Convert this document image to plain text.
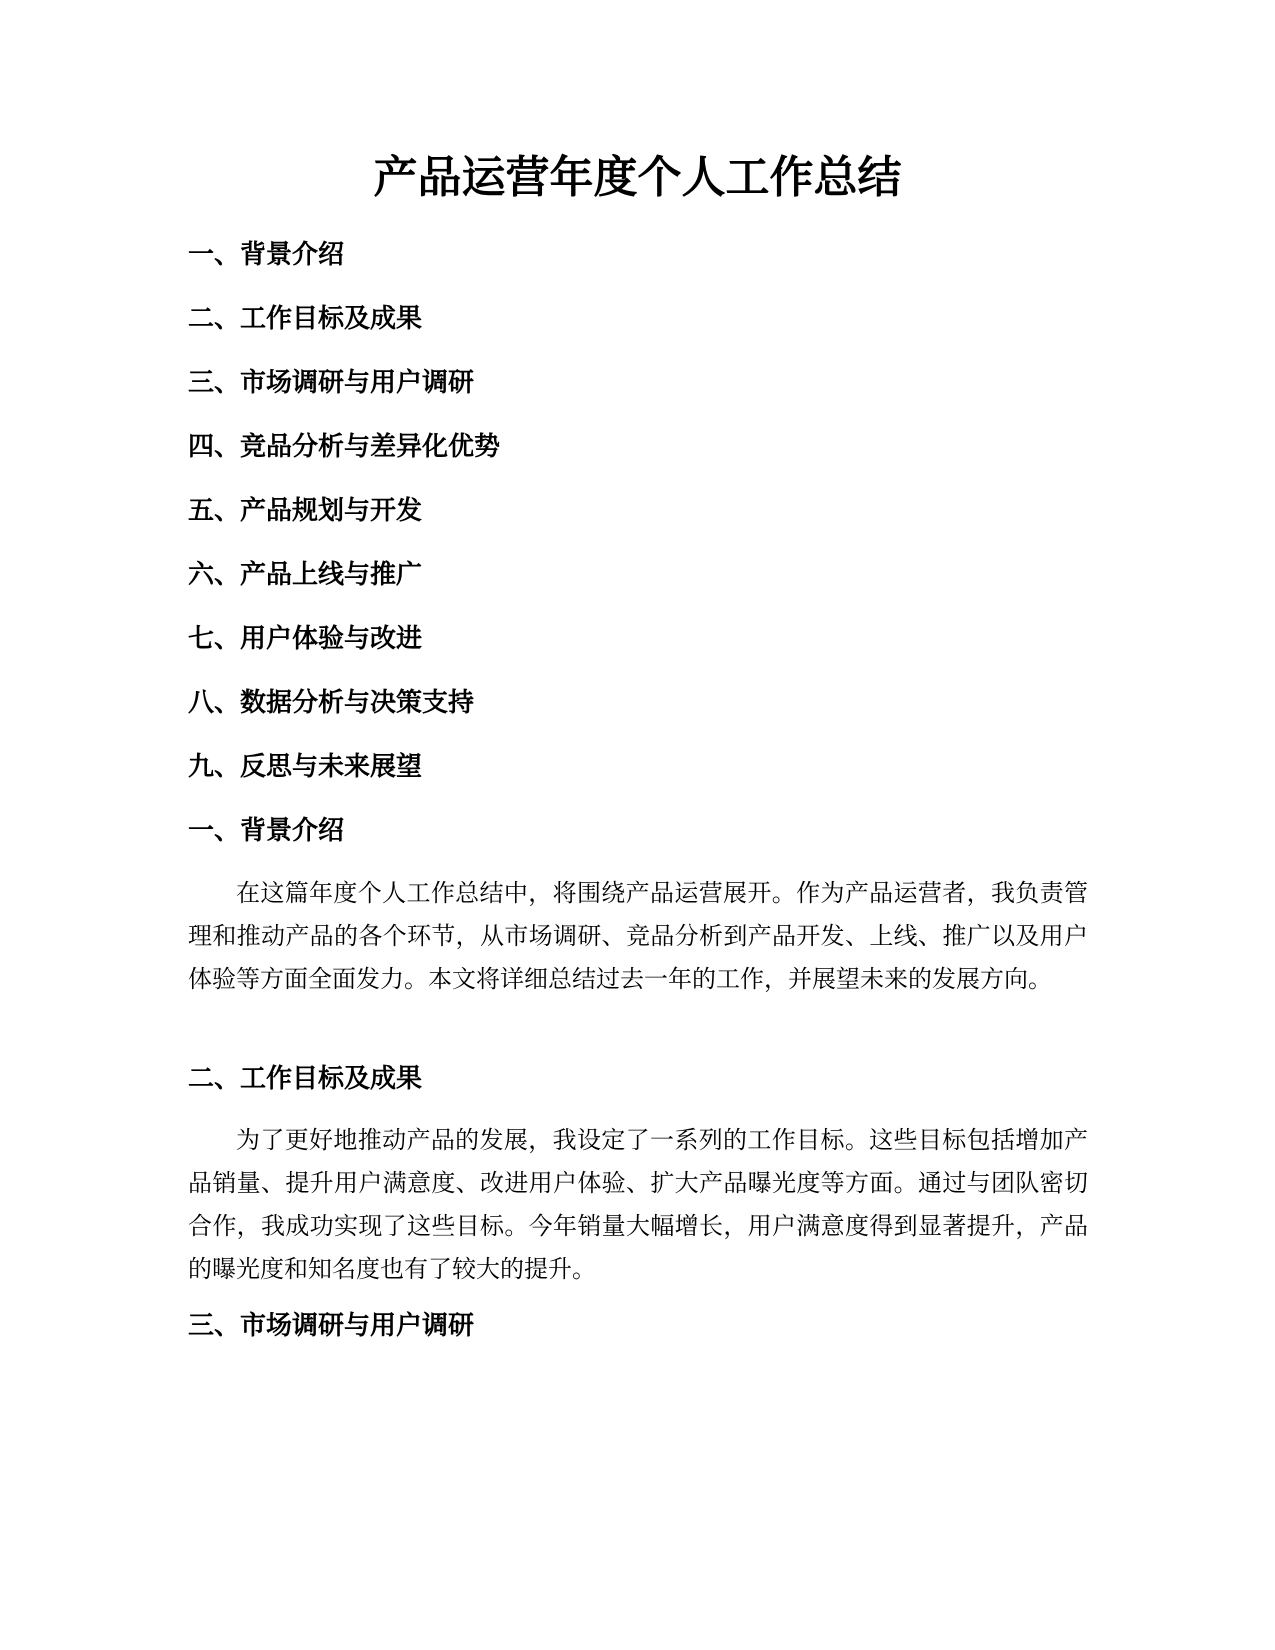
产品运营年度个人工作总结

一、背景介绍

二、工作目标及成果

三、市场调研与用户调研

四、竞品分析与差异化优势

五、产品规划与开发

六、产品上线与推广

七、用户体验与改进

八、数据分析与决策支持

九、反思与未来展望

一、背景介绍

在这篇年度个人工作总结中，将围绕产品运营展开。作为产品运营者，我负责管理和推动产品的各个环节，从市场调研、竞品分析到产品开发、上线、推广以及用户体验等方面全面发力。本文将详细总结过去一年的工作，并展望未来的发展方向。

二、工作目标及成果

为了更好地推动产品的发展，我设定了一系列的工作目标。这些目标包括增加产品销量、提升用户满意度、改进用户体验、扩大产品曝光度等方面。通过与团队密切合作，我成功实现了这些目标。今年销量大幅增长，用户满意度得到显著提升，产品的曝光度和知名度也有了较大的提升。

三、市场调研与用户调研
